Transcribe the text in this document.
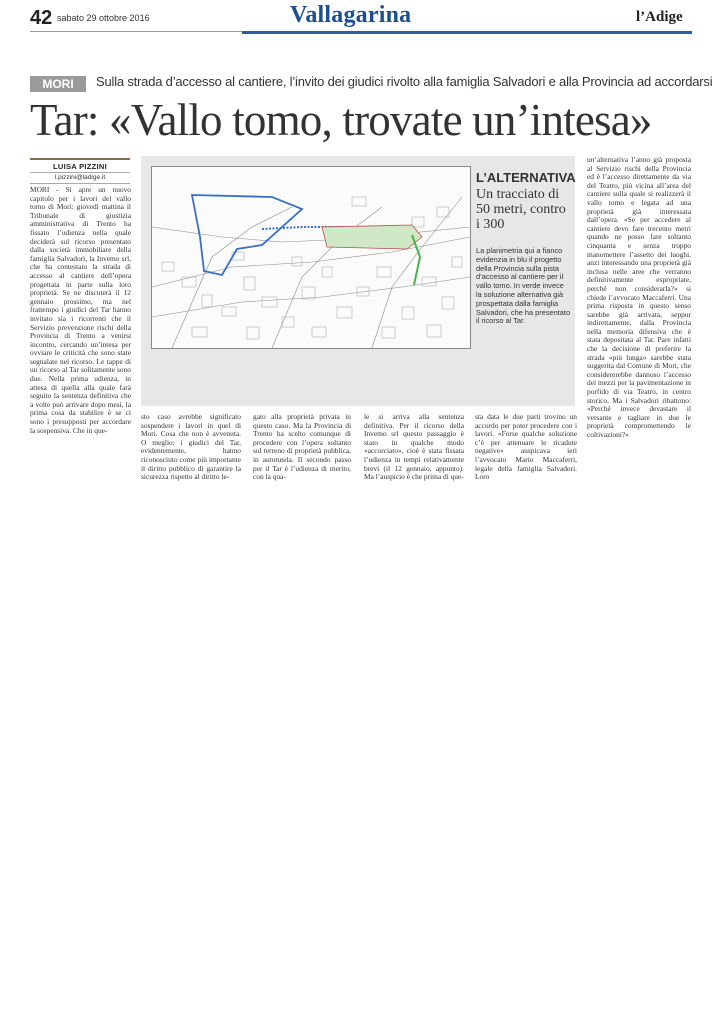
42 sabato 29 ottobre 2016	Vallagarina	l’Adige
MORI	Sulla strada d’accesso al cantiere, l’invito dei giudici rivolto alla famiglia Salvadori e alla Provincia ad accordarsi
Tar: «Vallo tomo, trovate un’intesa»
LUISA PIZZINI
l.pizzini@ladige.it

MORI - Si apre un nuovo capitolo per i lavori del vallo tomo di Mori: giovedì mattina il Tribunale di giustizia amministrativa di Trento ha fissato l’udienza nella quale deciderà sul ricorso presentato dalla società immobiliare della famiglia Salvadori, la Invemo srl, che ha contestato la strada di accesso al cantiere dell’opera progettata in parte sulla loro proprietà. Se ne discuterà il 12 gennaio prossimo, ma nel frattempo i giudici del Tar hanno invitato sia i ricorrenti che il Servizio prevenzione rischi della Provincia di Trento a venirsi incontro, cercando un’intesa per ovviare le criticità che sono state segnalate nel ricorso. Le tappe di un ricorso al Tar solitamente sono due. Nella prima udienza, in attesa di quella alla quale farà seguito la sentenza definitiva che a volte può arrivare dopo mesi, la prima cosa da stabilire è se ci sono i presupposti per accordare la sospensiva. Che in que-

sto caso avrebbe significato sospendere i lavori in quel di Mori. Cosa che non è avvenuta. O meglio: i giudici del Tar, evidentemente, hanno riconosciuto come più importante il diritto pubblico di garantire la sicurezza rispetto al diritto le-

gato alla proprietà privata in questo caso. Ma la Provincia di Trento ha scelto comunque di procedere con l’opera soltanto sul terreno di proprietà pubblica, in autotutela. Il secondo passo per il Tar è l’udienza di merito, con la qua-

le si arriva alla sentenza definitiva. Per il ricorso della Invemo srl questo passaggio è stato in qualche modo «accorciato», cioè è stata fissata l’udienza in tempi relativamente brevi (il 12 gennaio, appunto). Ma l’auspicio è che prima di que-

sta data le due parti trovino un accordo per poter procedere con i lavori. «Forse qualche soluzione c’è per attenuare le ricadute negative» auspicava ieri l’avvocato Mario Maccaferri, legale della famiglia Salvadori. Loro

un’alternativa l’anno già proposta al Servizio rischi della Provincia ed è l’accesso direttamente da via del Teatro, più vicina all’area del cantiere sulla quale si realizzerà il vallo tomo e legata ad una proprietà già interessata dall’opera. «Se per accedere al cantiere devo fare trecento metri quando ne posso fare soltanto cinquanta e senza troppo manomettere l’assetto dei luoghi, anzi interessando una proprietà già inclusa nelle aree che verranno definitivamente espropriate, perché non considerarla?» si chiede l’avvocato Maccaferri. Una prima risposta in questo senso sarebbe già arrivata, seppur indirettamente, dalla Provincia nella memoria difensiva che è stata depositata al Tar. Pare infatti che la decisione di preferire la strada «più lunga» sarebbe stata suggerita dal Comune di Mori, che considererebbe dannoso l’accesso dei mezzi per la pavimentazione in porfido di via Teatro, in centro storico. Ma i Salvadori ribattono: «Perché invece devastare il versante e tagliare in due le proprietà compromettendo le coltivazioni?»

L’ALTERNATIVA
Un tracciato di 50 metri, contro i 300
La planimetria qui a fianco evidenzia in blu il progetto della Provincia sulla pista d’accesso al cantiere per il vallo tomo. In verde invece la soluzione alternativa già prospettata dalla famiglia Salvadori, che ha presentato il ricorso al Tar.
